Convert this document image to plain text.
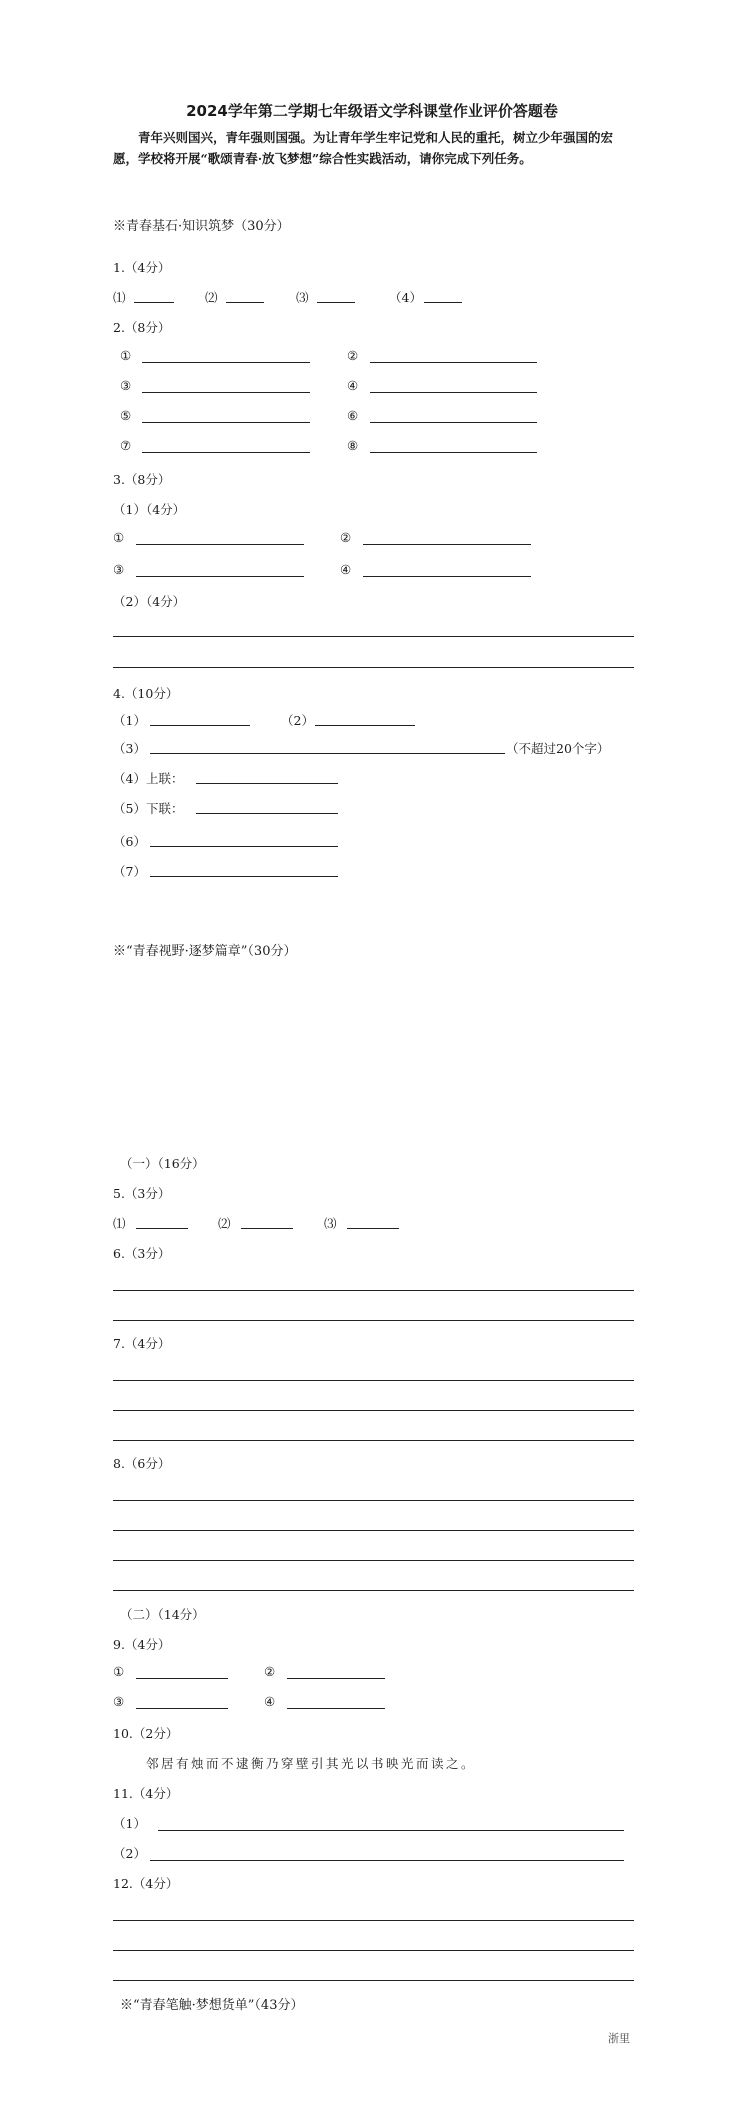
2024学年第二学期七年级语文学科课堂作业评价答题卷
青年兴则国兴，青年强则国强。为让青年学生牢记党和人民的重托，树立少年强国的宏愿，学校将开展“歌颂青春·放飞梦想”综合性实践活动，请你完成下列任务。
※青春基石·知识筑梦（30分）
1.（4分）
⑴	⑵	⑶	（4）
2.（8分）
①	②
③	④
⑤	⑥
⑦	⑧
3.（8分）
（1）（4分）
①	②
③	④
（2）（4分）
4.（10分）
（1）	（2）
（3）	（不超过20个字）
（4）上联：
（5）下联：
（6）
（7）
※“青春视野·逐梦篇章”（30分）
（一）（16分）
5.（3分）
⑴	⑵	⑶
6.（3分）
7.（4分）
8.（6分）
（二）（14分）
9.（4分）
①	②
③	④
10.（2分）
邻居有烛而不逮衡乃穿壁引其光以书映光而读之。
11.（4分）
（1）
（2）
12.（4分）
※“青春笔触·梦想货单”（43分）
浙里
